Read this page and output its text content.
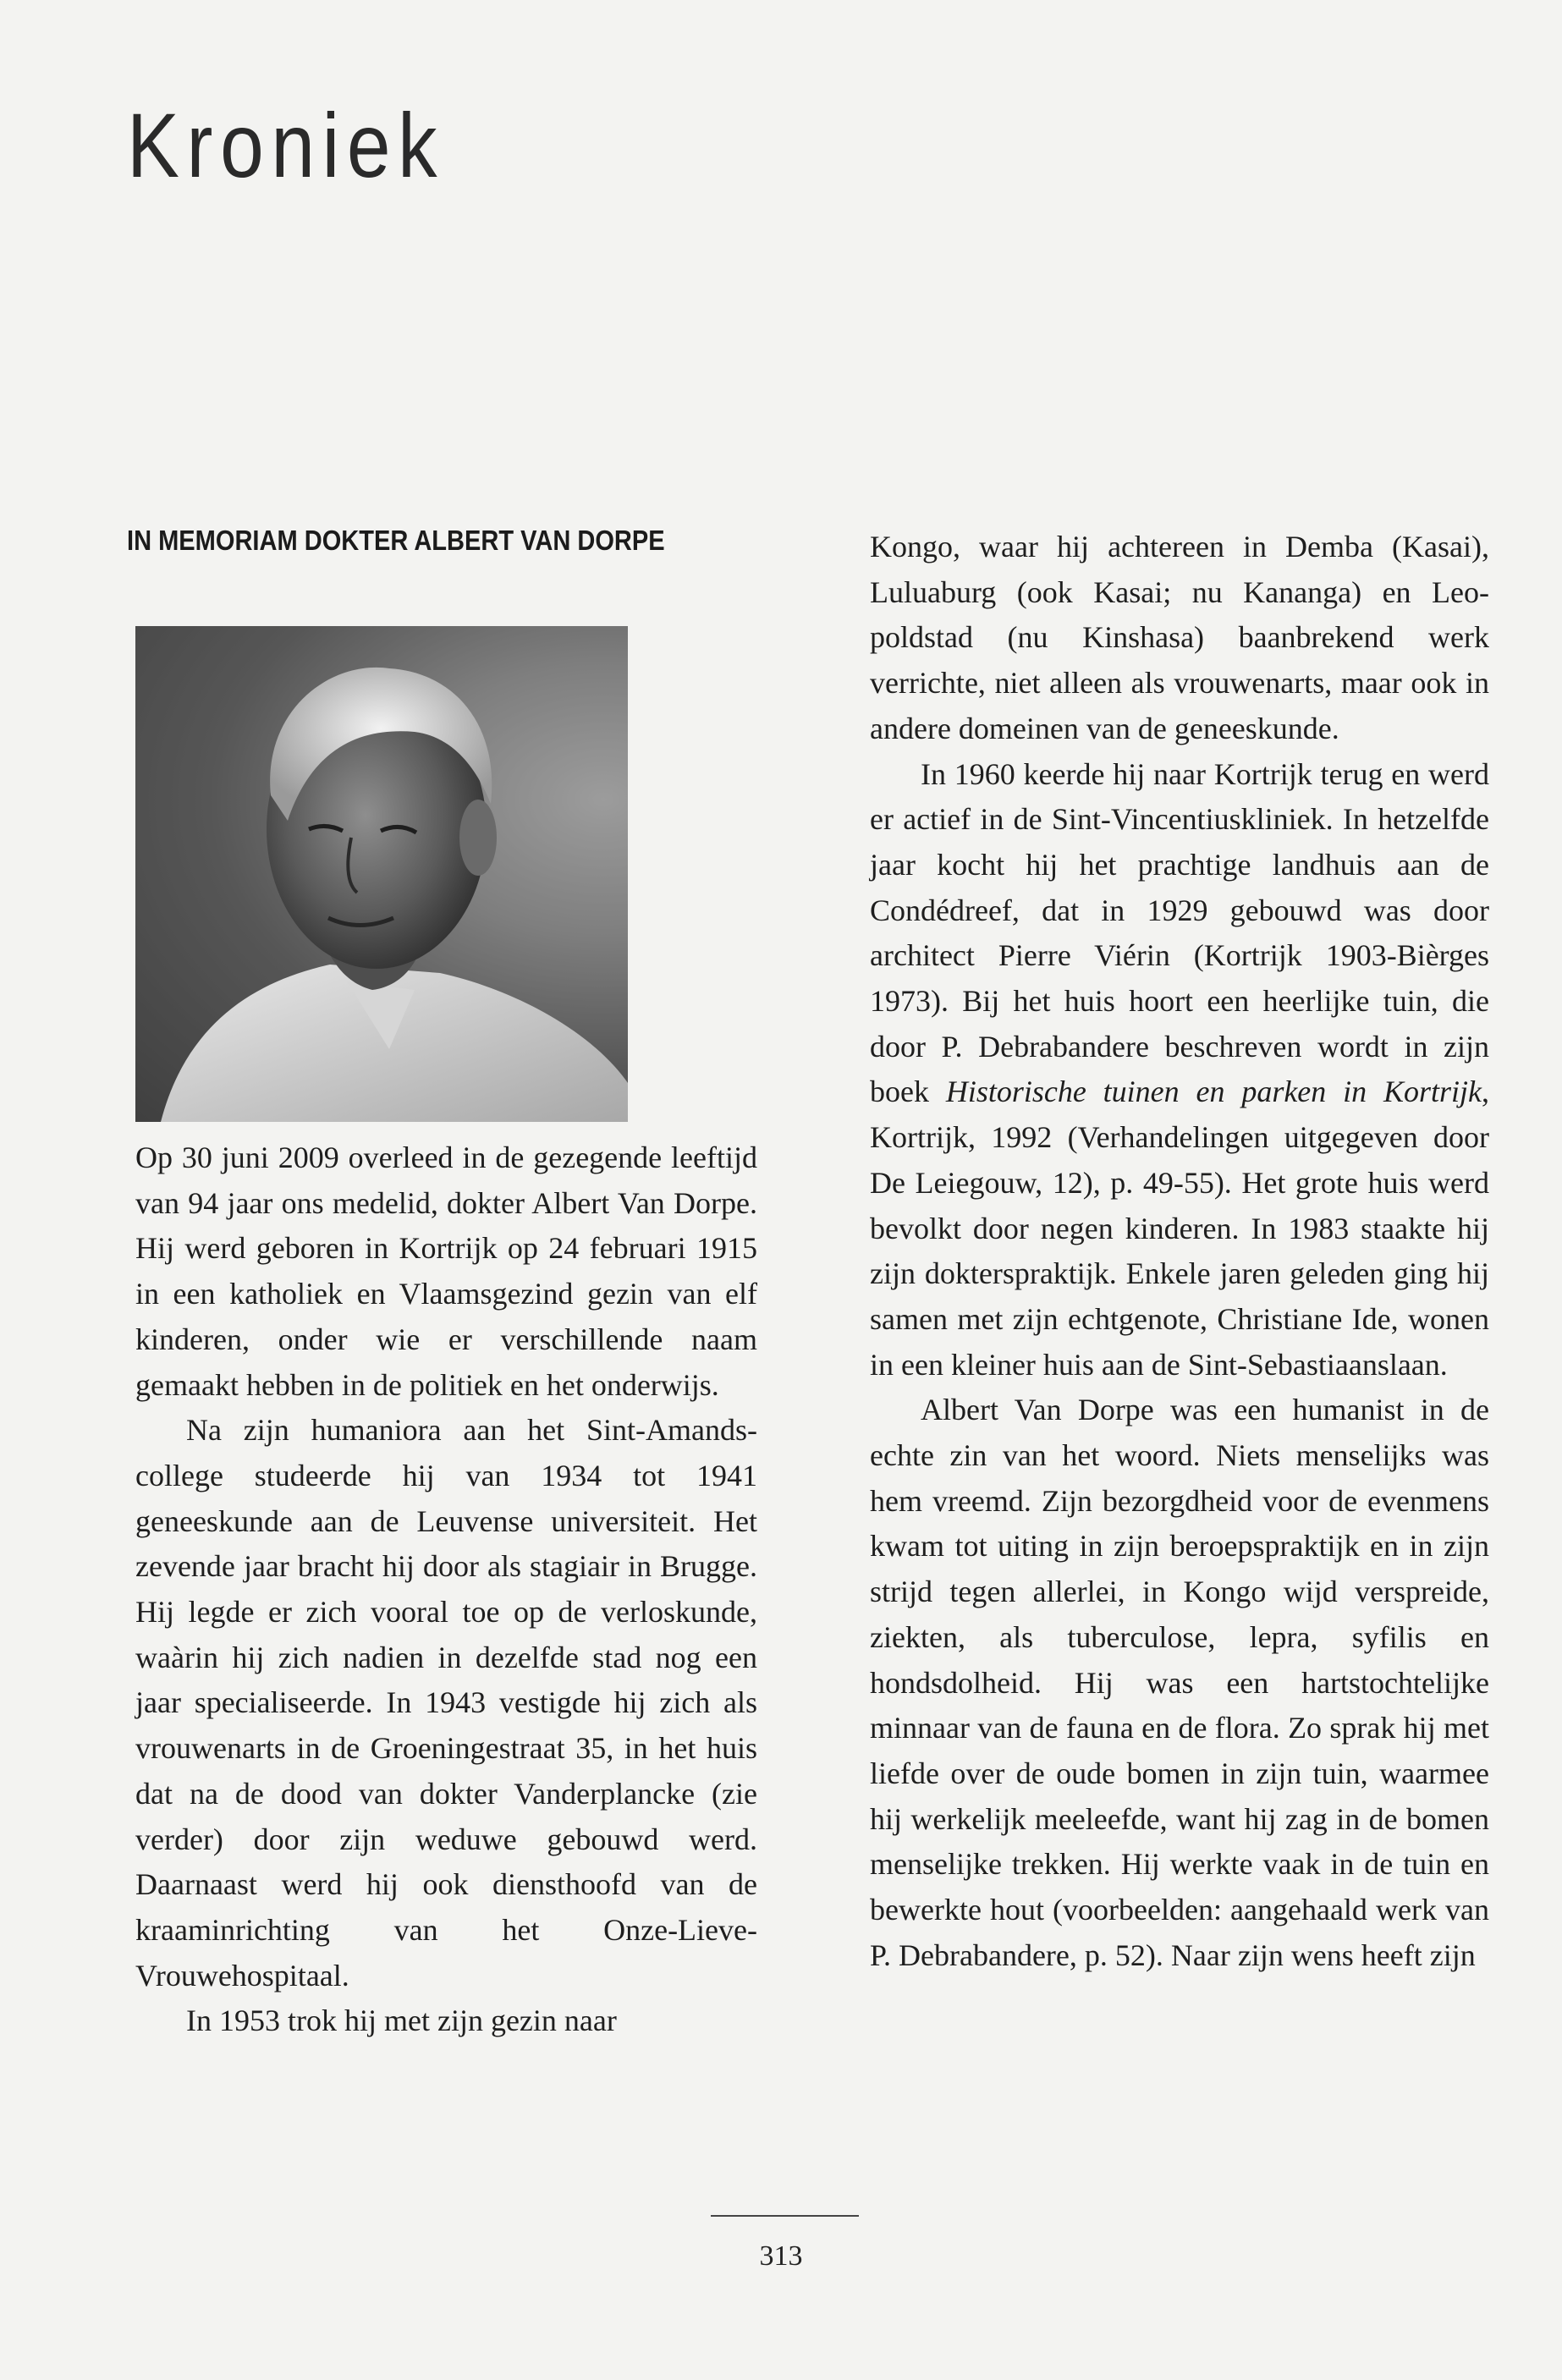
Kroniek
IN MEMORIAM DOKTER ALBERT VAN DORPE

Op 30 juni 2009 overleed in de gezegende leeftijd van 94 jaar ons medelid, dokter Albert Van Dorpe. Hij werd geboren in Kortrijk op 24 februari 1915 in een katholiek en Vlaamsgezind gezin van elf kinderen, onder wie er verschillende naam gemaakt hebben in de politiek en het onderwijs.

Na zijn humaniora aan het Sint-Amandscollege studeerde hij van 1934 tot 1941 geneeskunde aan de Leuvense universiteit. Het zevende jaar bracht hij door als stagiair in Brugge. Hij legde er zich vooral toe op de verloskunde, waàrin hij zich nadien in dezelfde stad nog een jaar specialiseerde. In 1943 vestigde hij zich als vrouwenarts in de Groeningestraat 35, in het huis dat na de dood van dokter Vanderplancke (zie verder) door zijn weduwe gebouwd werd. Daarnaast werd hij ook diensthoofd van de kraaminrichting van het Onze-Lieve-Vrouwehospitaal.

In 1953 trok hij met zijn gezin naar

Kongo, waar hij achtereen in Demba (Kasai), Luluaburg (ook Kasai; nu Kananga) en Leopoldstad (nu Kinshasa) baanbrekend werk verrichte, niet alleen als vrouwenarts, maar ook in andere domeinen van de geneeskunde.

In 1960 keerde hij naar Kortrijk terug en werd er actief in de Sint-Vincentiuskliniek. In hetzelfde jaar kocht hij het prachtige landhuis aan de Condédreef, dat in 1929 gebouwd was door architect Pierre Viérin (Kortrijk 1903-Bièrges 1973). Bij het huis hoort een heerlijke tuin, die door P. Debrabandere beschreven wordt in zijn boek Historische tuinen en parken in Kortrijk, Kortrijk, 1992 (Verhandelingen uitgegeven door De Leiegouw, 12), p. 49-55). Het grote huis werd bevolkt door negen kinderen. In 1983 staakte hij zijn dokterspraktijk. Enkele jaren geleden ging hij samen met zijn echtgenote, Christiane Ide, wonen in een kleiner huis aan de Sint-Sebastiaanslaan.

Albert Van Dorpe was een humanist in de echte zin van het woord. Niets menselijks was hem vreemd. Zijn bezorgdheid voor de evenmens kwam tot uiting in zijn beroepspraktijk en in zijn strijd tegen allerlei, in Kongo wijd verspreide, ziekten, als tuberculose, lepra, syfilis en hondsdolheid. Hij was een hartstochtelijke minnaar van de fauna en de flora. Zo sprak hij met liefde over de oude bomen in zijn tuin, waarmee hij werkelijk meeleefde, want hij zag in de bomen menselijke trekken. Hij werkte vaak in de tuin en bewerkte hout (voorbeelden: aangehaald werk van P. Debrabandere, p. 52). Naar zijn wens heeft zijn

313
